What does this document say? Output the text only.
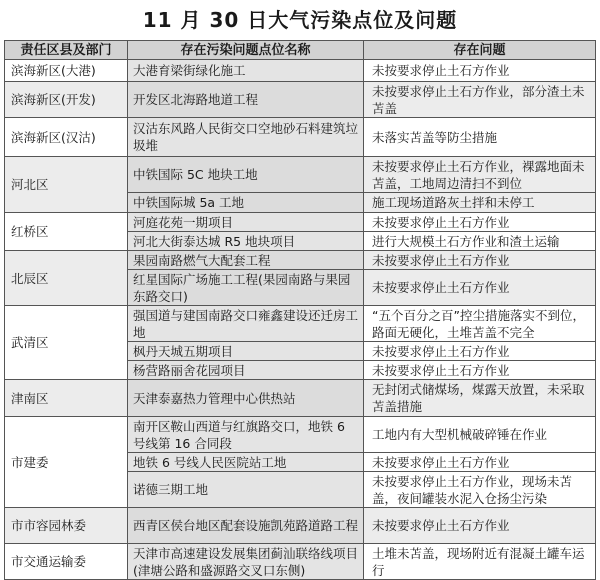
11 月 30 日大气污染点位及问题
责任区县及部门	存在污染问题点位名称	存在问题
滨海新区(大港)	大港育梁街绿化施工	未按要求停止土石方作业
滨海新区(开发)	开发区北海路地道工程	未按要求停止土石方作业，部分渣土未苫盖
滨海新区(汉沽)	汉沽东风路人民街交口空地砂石料建筑垃圾堆	未落实苫盖等防尘措施
河北区	中铁国际 5C 地块工地	未按要求停止土石方作业，裸露地面未苫盖，工地周边清扫不到位
	中铁国际城 5a 工地	施工现场道路灰土拌和未停工
红桥区	河庭花苑一期项目	未按要求停止土石方作业
	河北大街泰达城 R5 地块项目	进行大规模土石方作业和渣土运输
北辰区	果园南路燃气大配套工程	未按要求停止土石方作业
	红星国际广场施工工程(果园南路与果园东路交口)	未按要求停止土石方作业
武清区	强国道与建国南路交口雍鑫建设还迁房工地	“五个百分之百”控尘措施落实不到位，路面无硬化，土堆苫盖不完全
	枫丹天城五期项目	未按要求停止土石方作业
	杨营路丽舍花园项目	未按要求停止土石方作业
津南区	天津泰嘉热力管理中心供热站	无封闭式储煤场，煤露天放置，未采取苫盖措施
市建委	南开区鞍山西道与红旗路交口，地铁 6 号线第 16 合同段	工地内有大型机械破碎锤在作业
	地铁 6 号线人民医院站工地	未按要求停止土石方作业
	诺德三期工地	未按要求停止土石方作业，现场未苫盖，夜间罐装水泥入仓扬尘污染
市市容园林委	西青区侯台地区配套设施凯苑路道路工程	未按要求停止土石方作业
市交通运输委	天津市高速建设发展集团蓟汕联络线项目(津塘公路和盛源路交叉口东侧)	土堆未苫盖，现场附近有混凝土罐车运行
